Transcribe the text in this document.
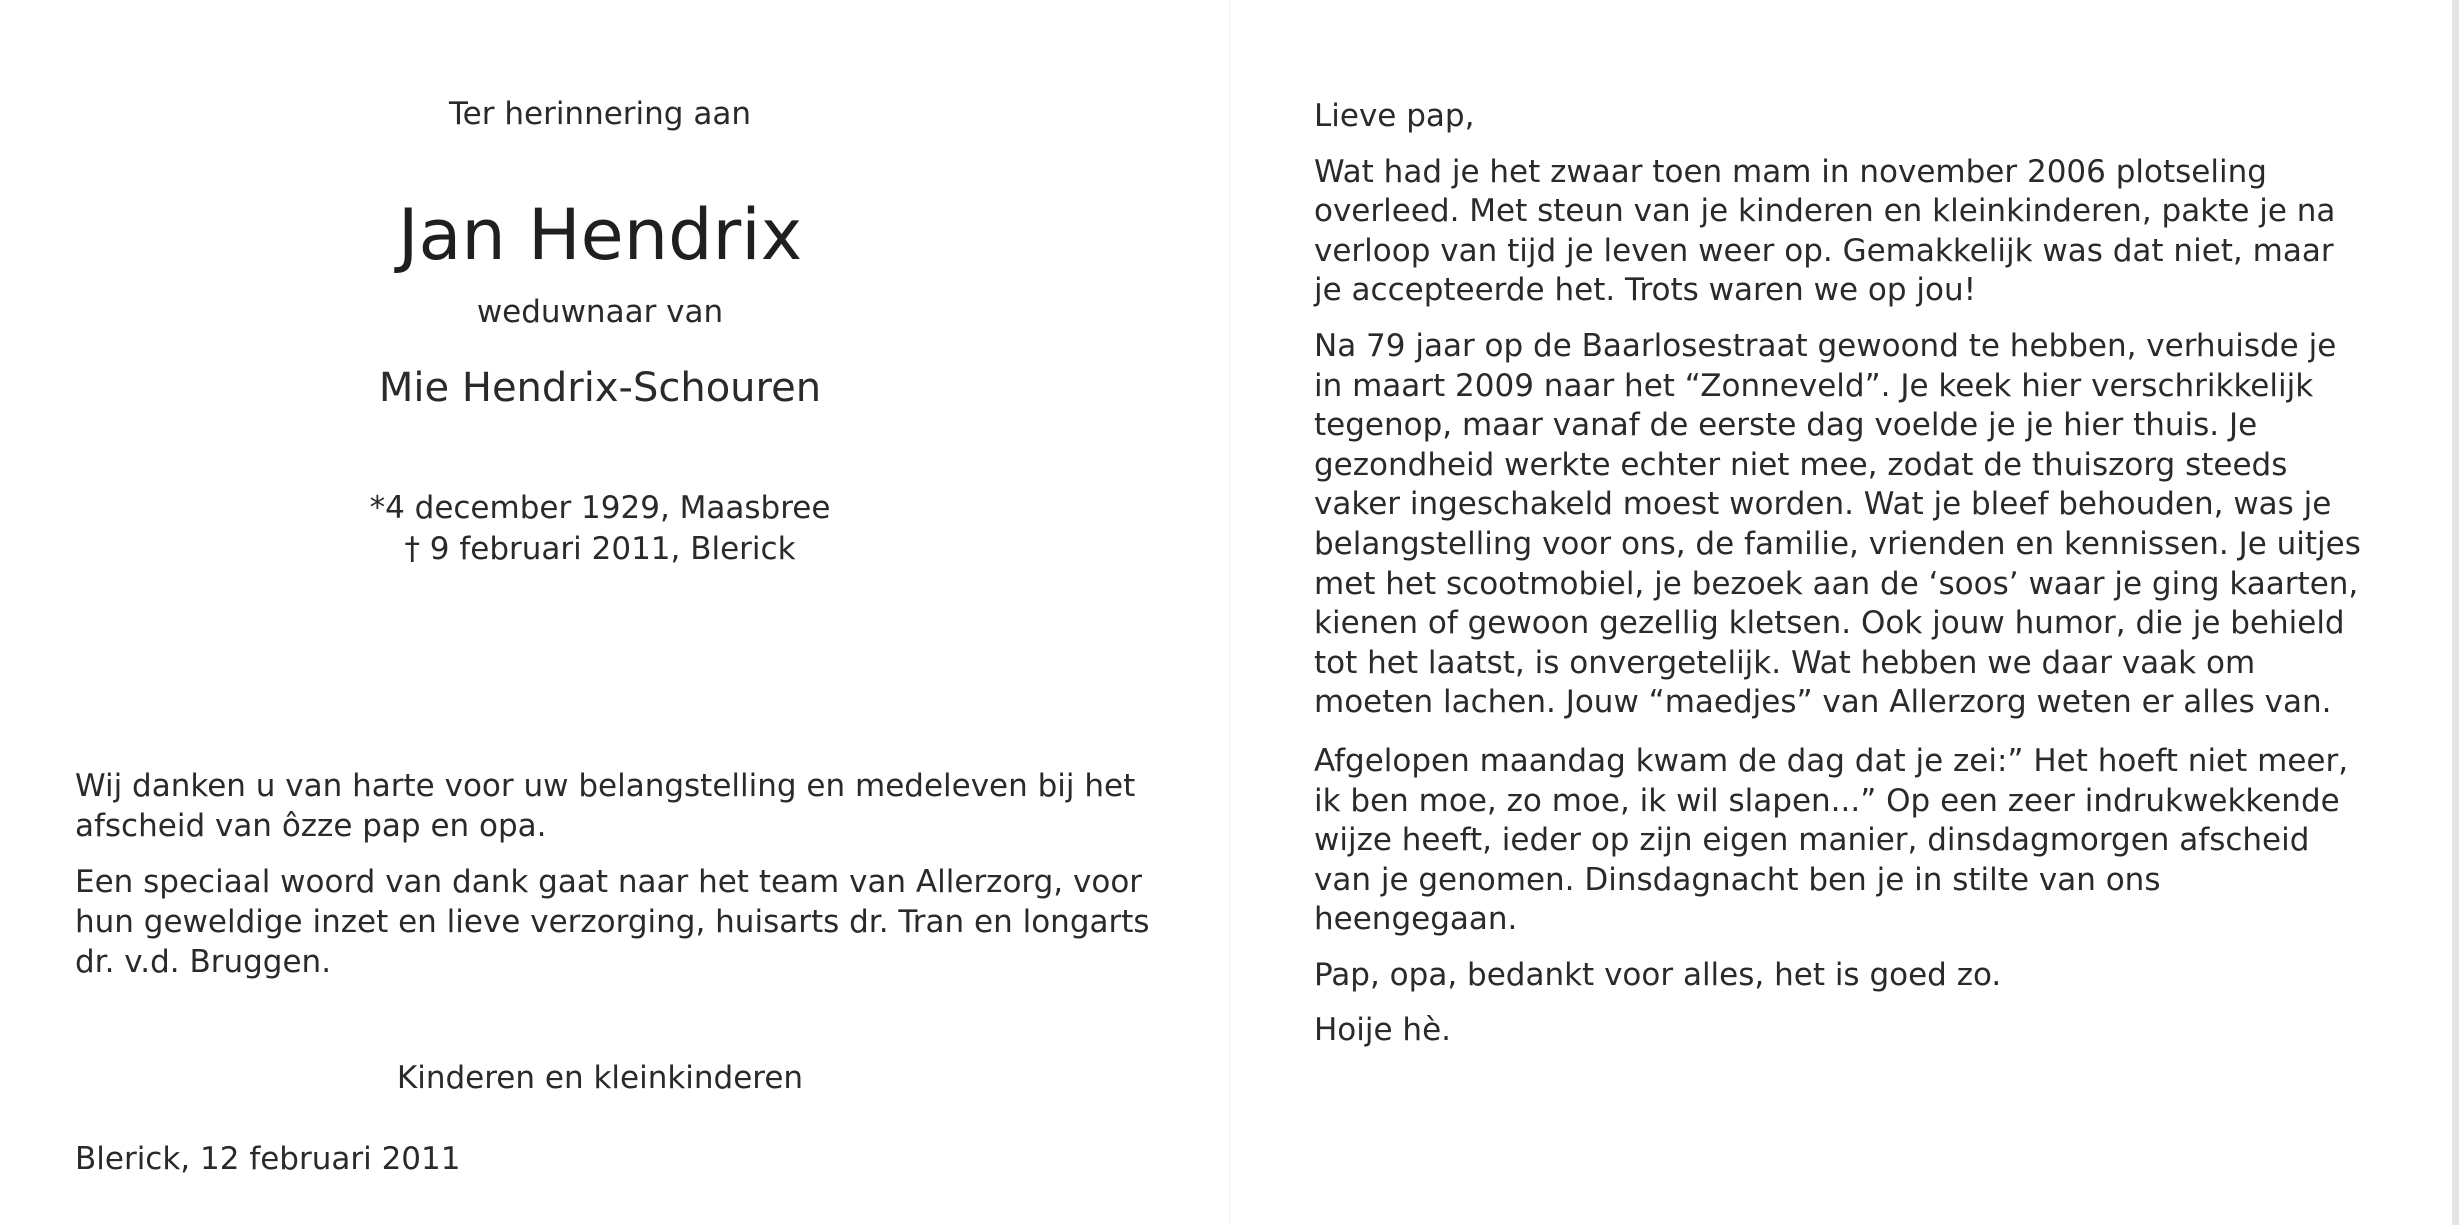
Ter herinnering aan
Jan Hendrix
weduwnaar van
Mie Hendrix-Schouren
*4 december 1929, Maasbree
† 9 februari 2011, Blerick

Wij danken u van harte voor uw belangstelling en medeleven bij het afscheid van ôzze pap en opa.

Een speciaal woord van dank gaat naar het team van Allerzorg, voor hun geweldige inzet en lieve verzorging, huisarts dr. Tran en longarts dr. v.d. Bruggen.

Kinderen en kleinkinderen
Blerick, 12 februari 2011

Lieve pap,

Wat had je het zwaar toen mam in november 2006 plotseling overleed. Met steun van je kinderen en kleinkinderen, pakte je na verloop van tijd je leven weer op. Gemakkelijk was dat niet, maar je accepteerde het. Trots waren we op jou!

Na 79 jaar op de Baarlosestraat gewoond te hebben, verhuisde je in maart 2009 naar het “Zonneveld”. Je keek hier verschrikkelijk tegenop, maar vanaf de eerste dag voelde je je hier thuis. Je gezondheid werkte echter niet mee, zodat de thuiszorg steeds vaker ingeschakeld moest worden. Wat je bleef behouden, was je belangstelling voor ons, de familie, vrienden en kennissen. Je uitjes met het scootmobiel, je bezoek aan de ‘soos’ waar je ging kaarten, kienen of gewoon gezellig kletsen. Ook jouw humor, die je behield tot het laatst, is onvergetelijk. Wat hebben we daar vaak om moeten lachen. Jouw “maedjes” van Allerzorg weten er alles van.

Afgelopen maandag kwam de dag dat je zei:” Het hoeft niet meer, ik ben moe, zo moe, ik wil slapen...” Op een zeer indrukwekkende wijze heeft, ieder op zijn eigen manier, dinsdagmorgen afscheid van je genomen. Dinsdagnacht ben je in stilte van ons heengegaan.

Pap, opa, bedankt voor alles, het is goed zo.

Hoije hè.
